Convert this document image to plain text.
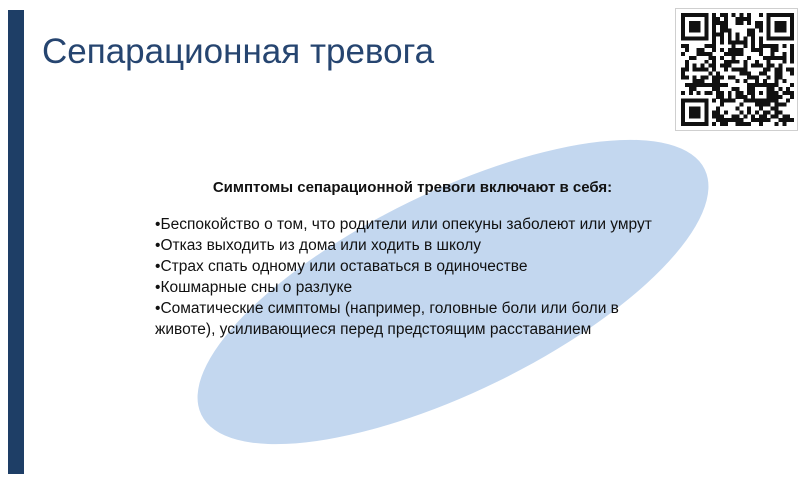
Сепарационная тревога

Симптомы сепарационной тревоги включают в себя:

• Беспокойство о том, что родители или опекуны заболеют или умрут
• Отказ выходить из дома или ходить в школу
• Страх спать одному или оставаться в одиночестве
• Кошмарные сны о разлуке
• Соматические симптомы (например, головные боли или боли в животе), усиливающиеся перед предстоящим расставанием
